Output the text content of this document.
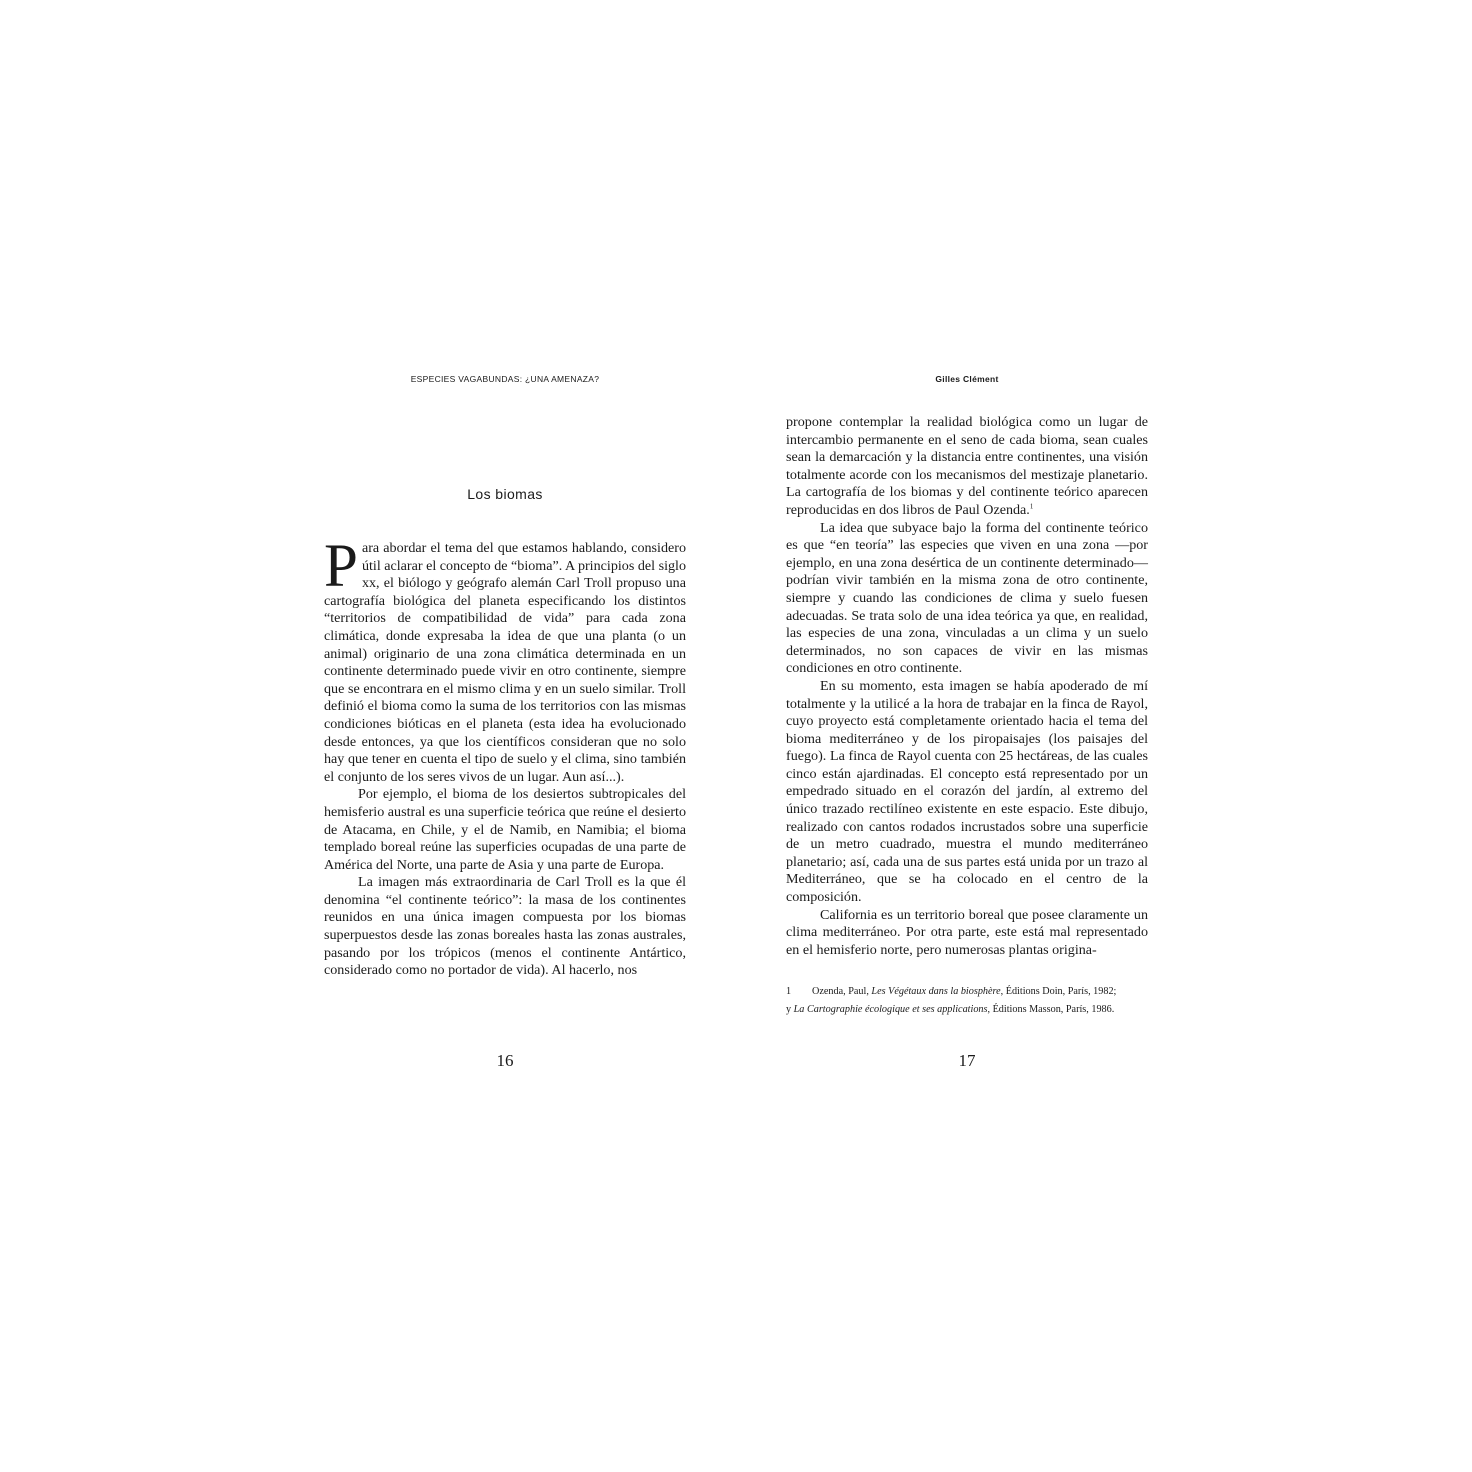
ESPECIES VAGABUNDAS: ¿UNA AMENAZA?
Los biomas

Para abordar el tema del que estamos hablando, considero útil aclarar el concepto de “bioma”. A principios del siglo xx, el biólogo y geógrafo alemán Carl Troll propuso una cartografía biológica del planeta especificando los distintos “territorios de compatibilidad de vida” para cada zona climática, donde expresaba la idea de que una planta (o un animal) originario de una zona climática determinada en un continente determinado puede vivir en otro continente, siempre que se encontrara en el mismo clima y en un suelo similar. Troll definió el bioma como la suma de los territorios con las mismas condiciones bióticas en el planeta (esta idea ha evolucionado desde entonces, ya que los científicos consideran que no solo hay que tener en cuenta el tipo de suelo y el clima, sino también el conjunto de los seres vivos de un lugar. Aun así...).

Por ejemplo, el bioma de los desiertos subtropicales del hemisferio austral es una superficie teórica que reúne el desierto de Atacama, en Chile, y el de Namib, en Namibia; el bioma templado boreal reúne las superficies ocupadas de una parte de América del Norte, una parte de Asia y una parte de Europa.

La imagen más extraordinaria de Carl Troll es la que él denomina “el continente teórico”: la masa de los continentes reunidos en una única imagen compuesta por los biomas superpuestos desde las zonas boreales hasta las zonas australes, pasando por los trópicos (menos el continente Antártico, considerado como no portador de vida). Al hacerlo, nos

16
Gilles Clément

propone contemplar la realidad biológica como un lugar de intercambio permanente en el seno de cada bioma, sean cuales sean la demarcación y la distancia entre continentes, una visión totalmente acorde con los mecanismos del mestizaje planetario. La cartografía de los biomas y del continente teórico aparecen reproducidas en dos libros de Paul Ozenda.$^1$

La idea que subyace bajo la forma del continente teórico es que “en teoría” las especies que viven en una zona —por ejemplo, en una zona desértica de un continente determinado— podrían vivir también en la misma zona de otro continente, siempre y cuando las condiciones de clima y suelo fuesen adecuadas. Se trata solo de una idea teórica ya que, en realidad, las especies de una zona, vinculadas a un clima y un suelo determinados, no son capaces de vivir en las mismas condiciones en otro continente.

En su momento, esta imagen se había apoderado de mí totalmente y la utilicé a la hora de trabajar en la finca de Rayol, cuyo proyecto está completamente orientado hacia el tema del bioma mediterráneo y de los piropaisajes (los paisajes del fuego). La finca de Rayol cuenta con 25 hectáreas, de las cuales cinco están ajardinadas. El concepto está representado por un empedrado situado en el corazón del jardín, al extremo del único trazado rectilíneo existente en este espacio. Este dibujo, realizado con cantos rodados incrustados sobre una superficie de un metro cuadrado, muestra el mundo mediterráneo planetario; así, cada una de sus partes está unida por un trazo al Mediterráneo, que se ha colocado en el centro de la composición.

California es un territorio boreal que posee claramente un clima mediterráneo. Por otra parte, este está mal representado en el hemisferio norte, pero numerosas plantas origina-

1 Ozenda, Paul, Les Végétaux dans la biosphère, Éditions Doin, París, 1982;
y La Cartographie écologique et ses applications, Éditions Masson, París, 1986.

17
